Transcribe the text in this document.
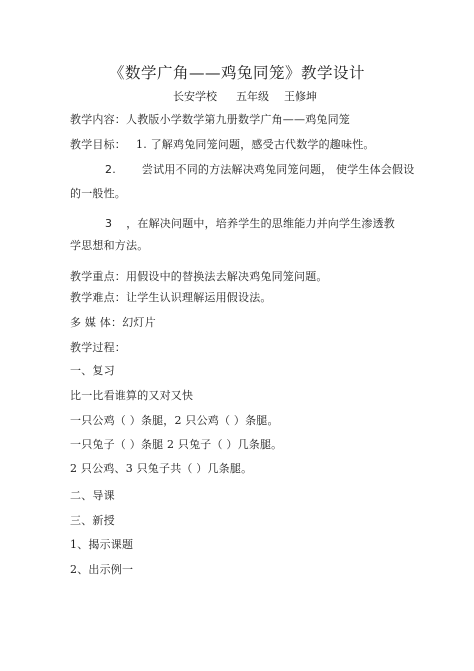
《数学广角——鸡兔同笼》教学设计
长安学校 五年级 王修坤
教学内容：人教版小学数学第九册数学广角——鸡兔同笼
教学目标： 1. 了解鸡兔同笼问题，感受古代数学的趣味性。
2. 尝试用不同的方法解决鸡兔同笼问题， 使学生体会假设
的一般性。
3 ，在解决问题中，培养学生的思维能力并向学生渗透教
学思想和方法。
教学重点：用假设中的替换法去解决鸡兔同笼问题。
教学难点：让学生认识理解运用假设法。
多 媒 体：幻灯片
教学过程：
一、复习
比一比看谁算的又对又快
一只公鸡（ ）条腿，2 只公鸡（ ）条腿。
一只兔子（ ）条腿 2 只兔子（ ）几条腿。
2 只公鸡、3 只兔子共（ ）几条腿。
二、导课
三、新授
1、揭示课题
2、出示例一
